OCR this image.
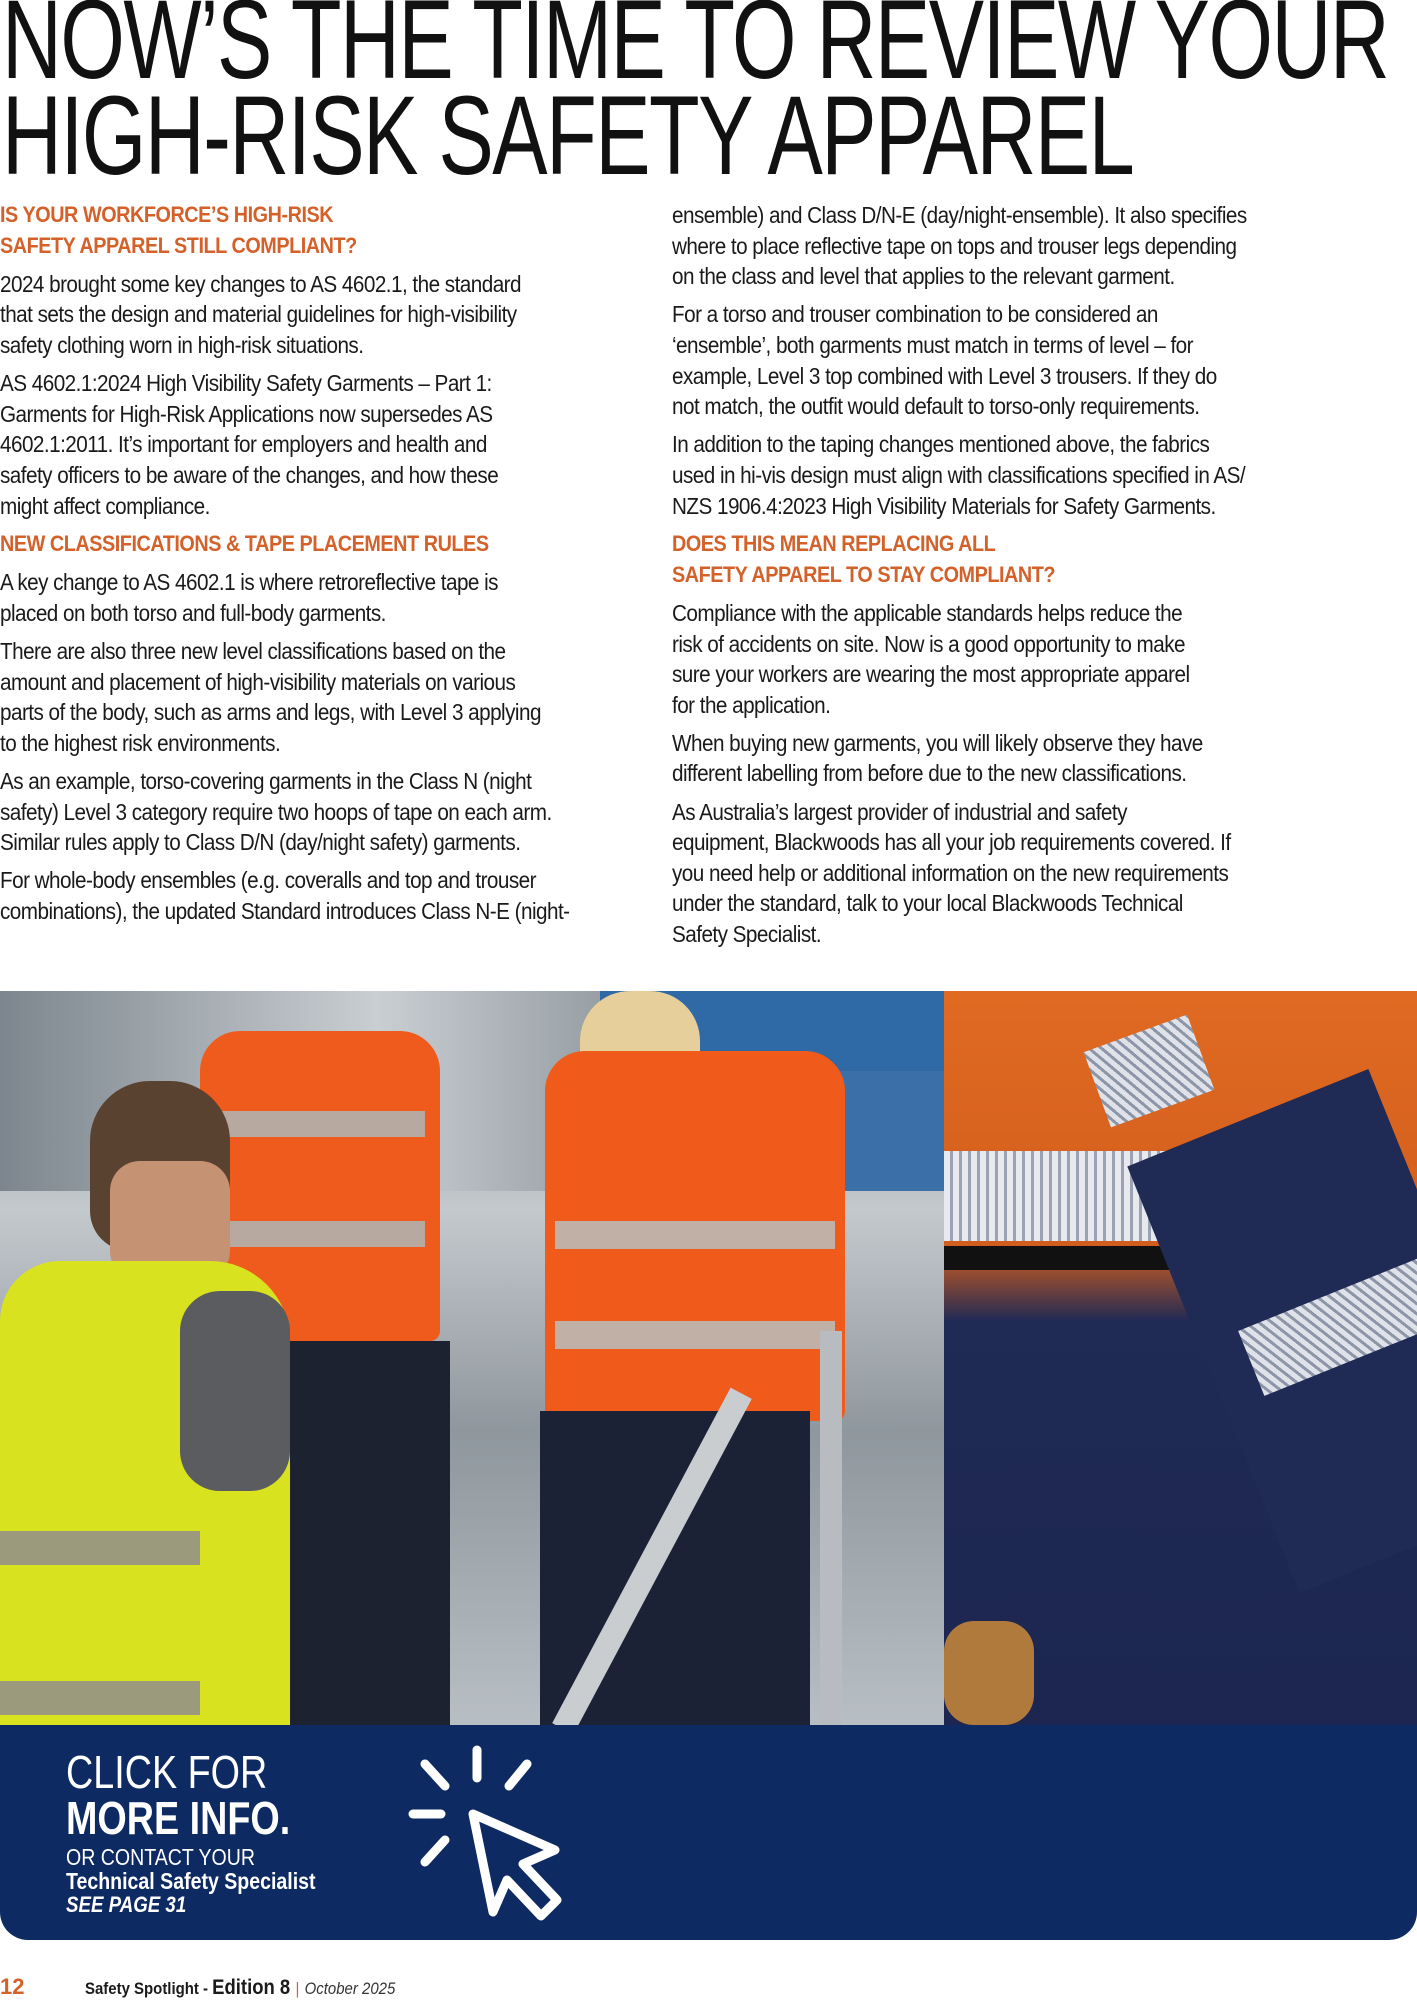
NOW’S THE TIME TO REVIEW YOUR
HIGH-RISK SAFETY APPAREL
IS YOUR WORKFORCE’S HIGH-RISK
SAFETY APPAREL STILL COMPLIANT?
2024 brought some key changes to AS 4602.1, the standard
that sets the design and material guidelines for high-visibility
safety clothing worn in high-risk situations.
AS 4602.1:2024 High Visibility Safety Garments – Part 1:
Garments for High-Risk Applications now supersedes AS
4602.1:2011. It’s important for employers and health and
safety officers to be aware of the changes, and how these
might affect compliance.
NEW CLASSIFICATIONS & TAPE PLACEMENT RULES
A key change to AS 4602.1 is where retroreflective tape is
placed on both torso and full-body garments.
There are also three new level classifications based on the
amount and placement of high-visibility materials on various
parts of the body, such as arms and legs, with Level 3 applying
to the highest risk environments.
As an example, torso-covering garments in the Class N (night
safety) Level 3 category require two hoops of tape on each arm.
Similar rules apply to Class D/N (day/night safety) garments.
For whole-body ensembles (e.g. coveralls and top and trouser
combinations), the updated Standard introduces Class N-E (night-
ensemble) and Class D/N-E (day/night-ensemble). It also specifies
where to place reflective tape on tops and trouser legs depending
on the class and level that applies to the relevant garment.
For a torso and trouser combination to be considered an
‘ensemble’, both garments must match in terms of level – for
example, Level 3 top combined with Level 3 trousers. If they do
not match, the outfit would default to torso-only requirements.
In addition to the taping changes mentioned above, the fabrics
used in hi-vis design must align with classifications specified in AS/
NZS 1906.4:2023 High Visibility Materials for Safety Garments.
DOES THIS MEAN REPLACING ALL
SAFETY APPAREL TO STAY COMPLIANT?
Compliance with the applicable standards helps reduce the
risk of accidents on site. Now is a good opportunity to make
sure your workers are wearing the most appropriate apparel
for the application.
When buying new garments, you will likely observe they have
different labelling from before due to the new classifications.
As Australia’s largest provider of industrial and safety
equipment, Blackwoods has all your job requirements covered. If
you need help or additional information on the new requirements
under the standard, talk to your local Blackwoods Technical
Safety Specialist.
CLICK FOR
MORE INFO.
OR CONTACT YOUR
Technical Safety Specialist
SEE PAGE 31
12	Safety Spotlight - Edition 8 | October 2025
